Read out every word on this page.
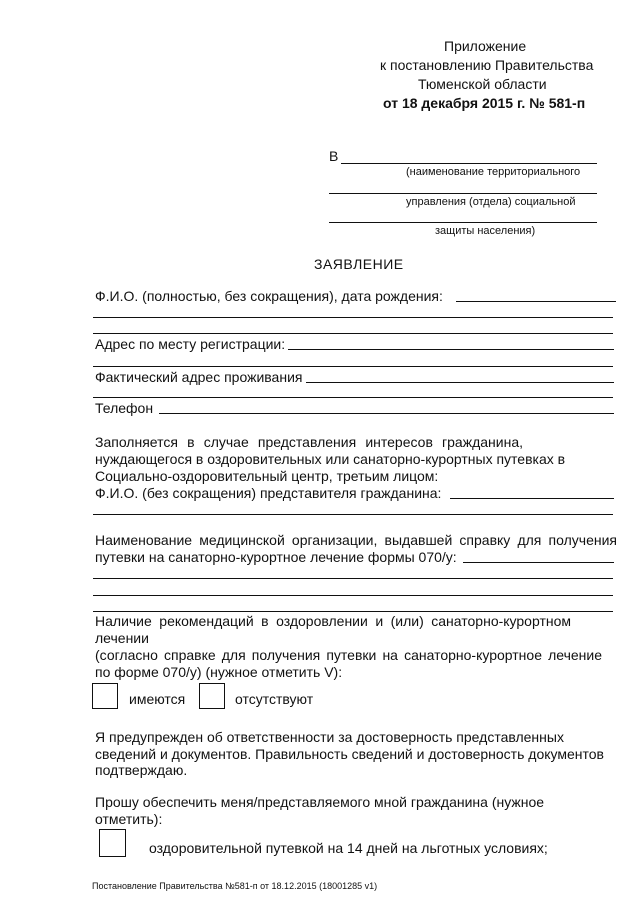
Приложение
к постановлению Правительства
Тюменской области
от 18 декабря 2015 г. № 581-п
В
(наименование территориального
управления (отдела) социальной
защиты населения)
ЗАЯВЛЕНИЕ
Ф.И.О. (полностью, без сокращения), дата рождения:
Адрес по месту регистрации:
Фактический адрес проживания
Телефон
Заполняется в случае представления интересов гражданина,
нуждающегося в оздоровительных или санаторно-курортных путевках в
Социально-оздоровительный центр, третьим лицом:
Ф.И.О. (без сокращения) представителя гражданина:
Наименование медицинской организации, выдавшей справку для получения
путевки на санаторно-курортное лечение формы 070/у:
Наличие рекомендаций в оздоровлении и (или) санаторно-курортном
лечении
(согласно справке для получения путевки на санаторно-курортное лечение
по форме 070/у) (нужное отметить V):
имеются	отсутствуют
Я предупрежден об ответственности за достоверность представленных
сведений и документов. Правильность сведений и достоверность документов
подтверждаю.
Прошу обеспечить меня/представляемого мной гражданина (нужное
отметить):
оздоровительной путевкой на 14 дней на льготных условиях;
Постановление Правительства №581-п от 18.12.2015 (18001285 v1)
